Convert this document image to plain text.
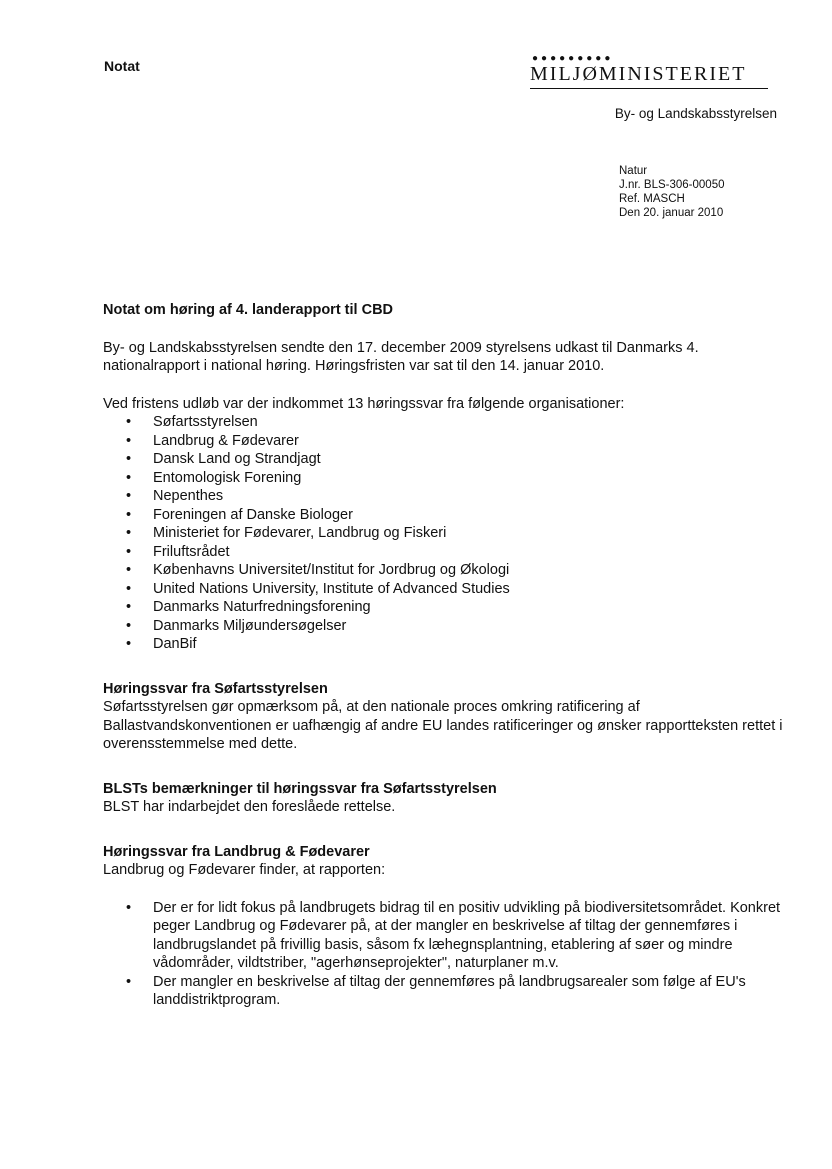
Notat	●●●●●●●●●
MILJØMINISTERIET
By- og Landskabsstyrelsen
Natur
J.nr. BLS-306-00050
Ref. MASCH
Den 20. januar 2010
Notat om høring af 4. landerapport til CBD

By- og Landskabsstyrelsen sendte den 17. december 2009 styrelsens udkast til Danmarks 4. nationalrapport i national høring. Høringsfristen var sat til den 14. januar 2010.

Ved fristens udløb var der indkommet 13 høringssvar fra følgende organisationer:

• Søfartsstyrelsen
• Landbrug & Fødevarer
• Dansk Land og Strandjagt
• Entomologisk Forening
• Nepenthes
• Foreningen af Danske Biologer
• Ministeriet for Fødevarer, Landbrug og Fiskeri
• Friluftsrådet
• Københavns Universitet/Institut for Jordbrug og Økologi
• United Nations University, Institute of Advanced Studies
• Danmarks Naturfredningsforening
• Danmarks Miljøundersøgelser
• DanBif
Høringssvar fra Søfartsstyrelsen

Søfartsstyrelsen gør opmærksom på, at den nationale proces omkring ratificering af Ballastvandskonventionen er uafhængig af andre EU landes ratificeringer og ønsker rapportteksten rettet i overensstemmelse med dette.

BLSTs bemærkninger til høringssvar fra Søfartsstyrelsen

BLST har indarbejdet den foreslåede rettelse.

Høringssvar fra Landbrug & Fødevarer

Landbrug og Fødevarer finder, at rapporten:

• Der er for lidt fokus på landbrugets bidrag til en positiv udvikling på biodiversitetsområdet. Konkret peger Landbrug og Fødevarer på, at der mangler en beskrivelse af tiltag der gennemføres i landbrugslandet på frivillig basis, såsom fx læhegnsplantning, etablering af søer og mindre vådområder, vildtstriber, "agerhønseprojekter", naturplaner m.v.
• Der mangler en beskrivelse af tiltag der gennemføres på landbrugsarealer som følge af EU's landdistriktprogram.
